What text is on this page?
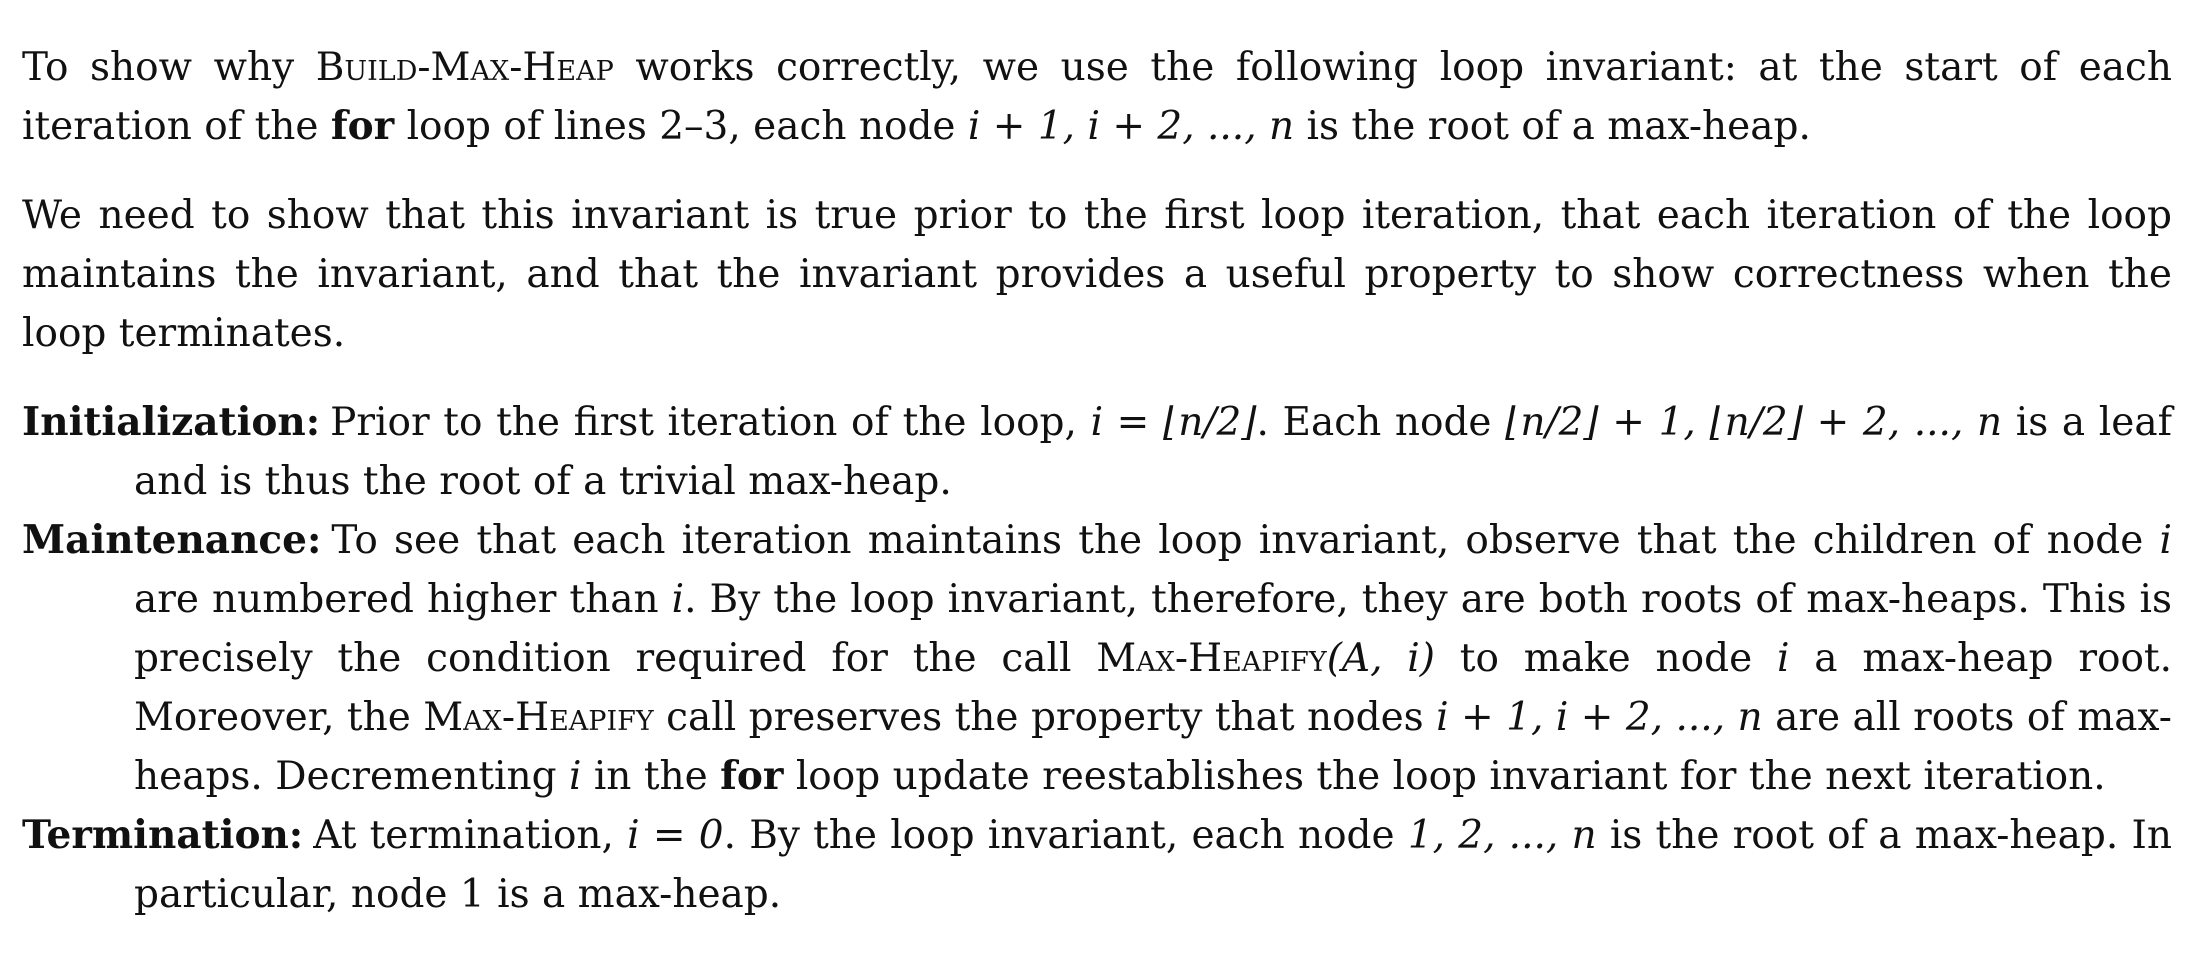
To show why Build-Max-Heap works correctly, we use the following loop invariant: at the start of each iteration of the for loop of lines 2–3, each node i + 1, i + 2, ..., n is the root of a max-heap.

We need to show that this invariant is true prior to the first loop iteration, that each iteration of the loop maintains the invariant, and that the invariant provides a useful property to show correctness when the loop terminates.

Initialization: Prior to the first iteration of the loop, i = ⌊n/2⌋. Each node ⌊n/2⌋ + 1, ⌊n/2⌋ + 2, ..., n is a leaf and is thus the root of a trivial max-heap.

Maintenance: To see that each iteration maintains the loop invariant, observe that the children of node i are numbered higher than i. By the loop invariant, therefore, they are both roots of max-heaps. This is precisely the condition required for the call Max-Heapify(A, i) to make node i a max-heap root. Moreover, the Max-Heapify call preserves the property that nodes i + 1, i + 2, ..., n are all roots of max-heaps. Decrementing i in the for loop update reestablishes the loop invariant for the next iteration.

Termination: At termination, i = 0. By the loop invariant, each node 1, 2, ..., n is the root of a max-heap. In particular, node 1 is a max-heap.
